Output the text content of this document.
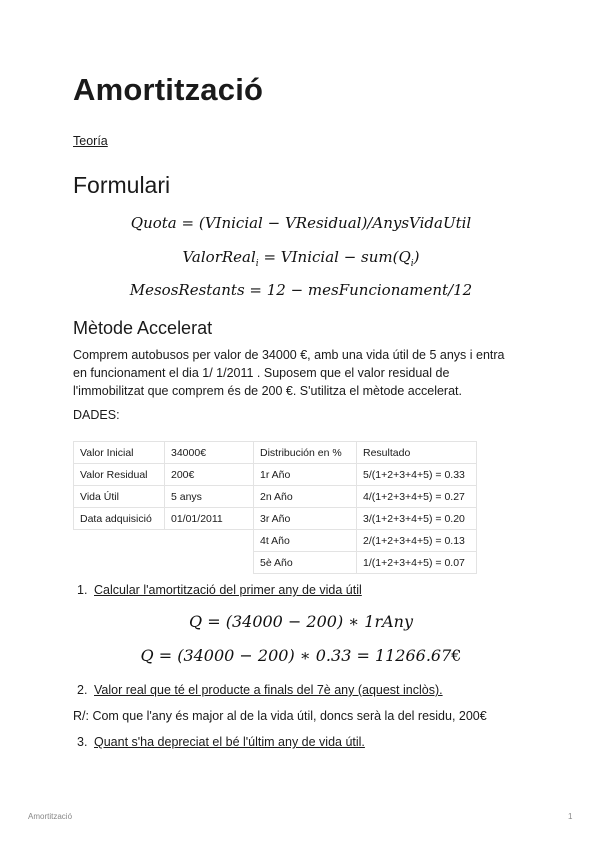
Amortització
Teoría
Formulari
Quota = (VInicial − VResidual)/AnysVidaUtil
ValorReal$_i$ = VInicial − $sum(Q_i)$
MesosRestants = 12 − mesFuncionament/12
Mètode Accelerat
Comprem autobusos per valor de 34000 €, amb una vida útil de 5 anys i entra
en funcionament el dia 1/ 1/2011 . Suposem que el valor residual de
l'immobilitzat que comprem és de 200 €. S'utilitza el mètode accelerat.
DADES:
Valor Inicial	34000€	Distribución en %	Resultado
Valor Residual	200€	1r Año	5/(1+2+3+4+5) = 0.33
Vida Útil	5 anys	2n Año	4/(1+2+3+4+5) = 0.27
Data adquisició	01/01/2011	3r Año	3/(1+2+3+4+5) = 0.20
		4t Año	2/(1+2+3+4+5) = 0.13
		5è Año	1/(1+2+3+4+5) = 0.07
1. Calcular l'amortització del primer any de vida útil
Q = (34000 − 200) ∗ 1rAny
Q = (34000 − 200) ∗ 0.33 = 11266.67€
2. Valor real que té el producte a finals del 7è any (aquest inclòs).
R/: Com que l'any és major al de la vida útil, doncs serà la del residu, 200€
3. Quant s'ha depreciat el bé l'últim any de vida útil.
Amortització	1
